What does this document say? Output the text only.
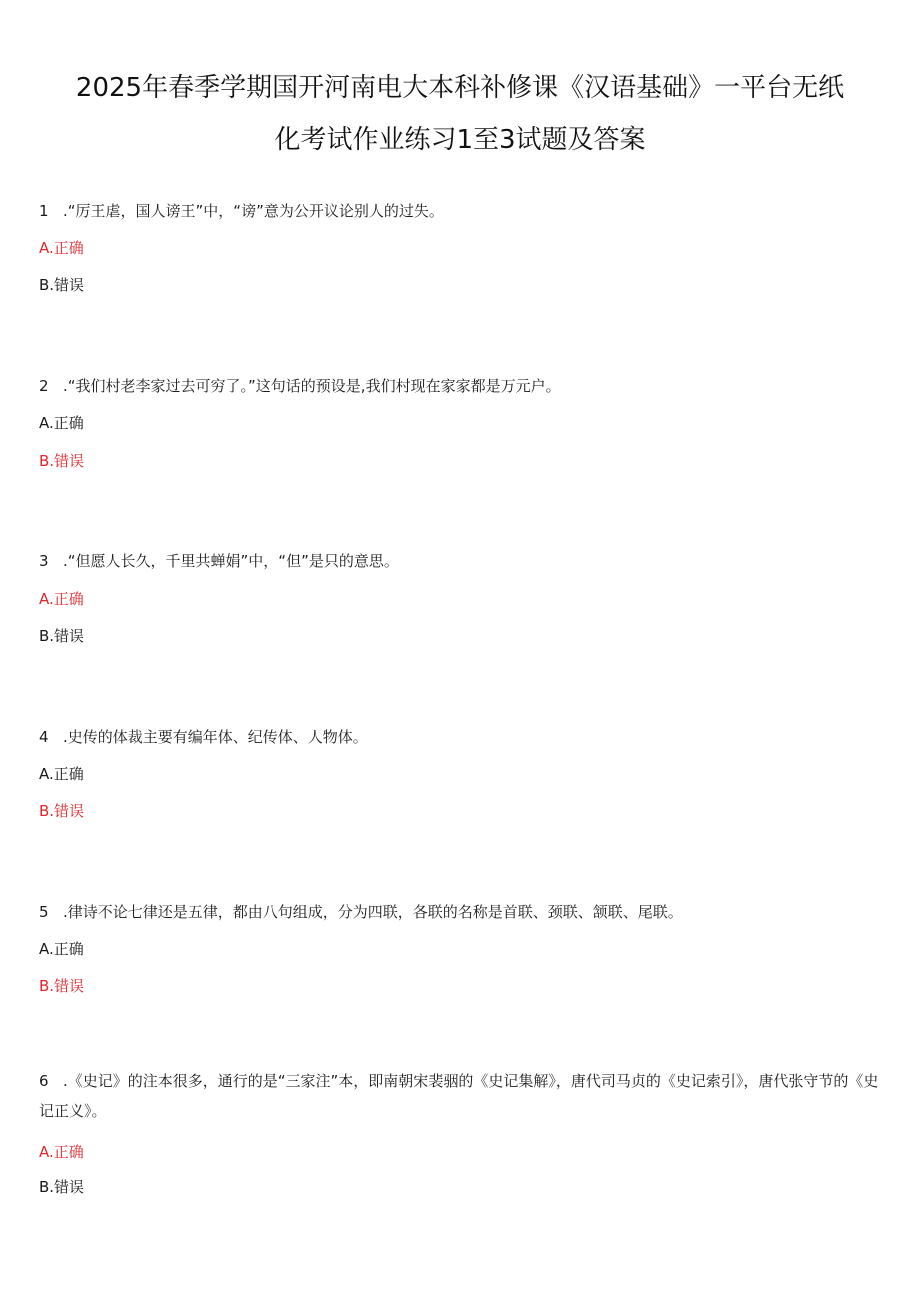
2025年春季学期国开河南电大本科补修课《汉语基础》一平台无纸
化考试作业练习1至3试题及答案
1 .“厉王虐，国人谤王”中，“谤”意为公开议论别人的过失。
A.正确
B.错误
2 .“我们村老李家过去可穷了。”这句话的预设是,我们村现在家家都是万元户。
A.正确
B.错误
3 .“但愿人长久，千里共蝉娟”中，“但”是只的意思。
A.正确
B.错误
4 .史传的体裁主要有编年体、纪传体、人物体。
A.正确
B.错误
5 .律诗不论七律还是五律，都由八句组成，分为四联，各联的名称是首联、颈联、颔联、尾联。
A.正确
B.错误
6 .《史记》的注本很多，通行的是“三家注”本，即南朝宋裴骃的《史记集解》，唐代司马贞的《史记索引》，唐代张守节的《史记正义》。
A.正确
B.错误
